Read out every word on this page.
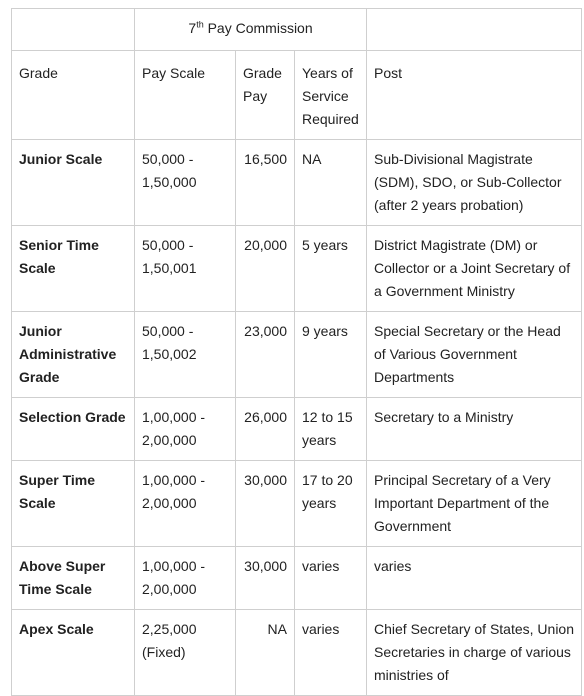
	7th Pay Commission			
Grade	Pay Scale	Grade Pay	Years of Service Required	Post
Junior Scale	50,000 - 1,50,000	16,500	NA	Sub-Divisional Magistrate (SDM), SDO, or Sub-Collector (after 2 years probation)
Senior Time Scale	50,000 - 1,50,001	20,000	5 years	District Magistrate (DM) or Collector or a Joint Secretary of a Government Ministry
Junior Administrative Grade	50,000 - 1,50,002	23,000	9 years	Special Secretary or the Head of Various Government Departments
Selection Grade	1,00,000 - 2,00,000	26,000	12 to 15 years	Secretary to a Ministry
Super Time Scale	1,00,000 - 2,00,000	30,000	17 to 20 years	Principal Secretary of a Very Important Department of the Government
Above Super Time Scale	1,00,000 - 2,00,000	30,000	varies	varies
Apex Scale	2,25,000 (Fixed)	NA	varies	Chief Secretary of States, Union Secretaries in charge of various ministries of
